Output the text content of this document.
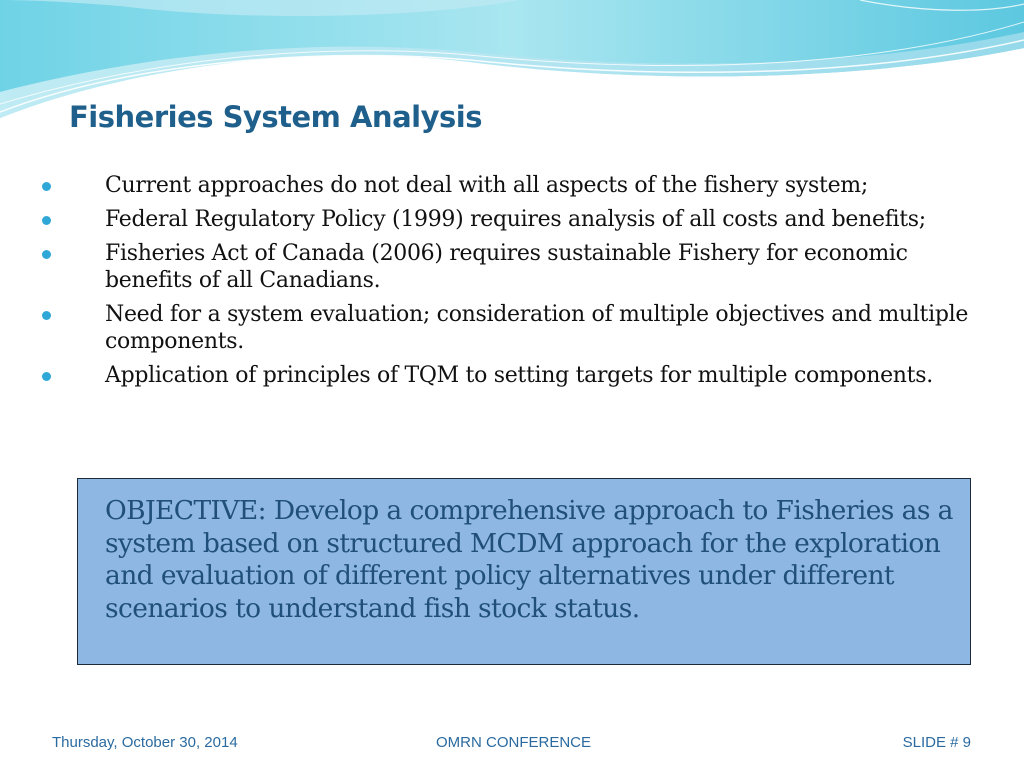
Fisheries System Analysis
Current approaches do not deal with all aspects of the fishery system;
Federal Regulatory Policy (1999) requires analysis of all costs and benefits;
Fisheries Act of Canada (2006) requires sustainable Fishery for economic benefits of all Canadians.
Need for a system evaluation; consideration of multiple objectives and multiple components.
Application of principles of TQM to setting targets for multiple components.

OBJECTIVE: Develop a comprehensive approach to Fisheries as a system based on structured MCDM approach for the exploration and evaluation of different policy alternatives under different scenarios to understand fish stock status.

Thursday, October 30, 2014	OMRN CONFERENCE	SLIDE # 9
